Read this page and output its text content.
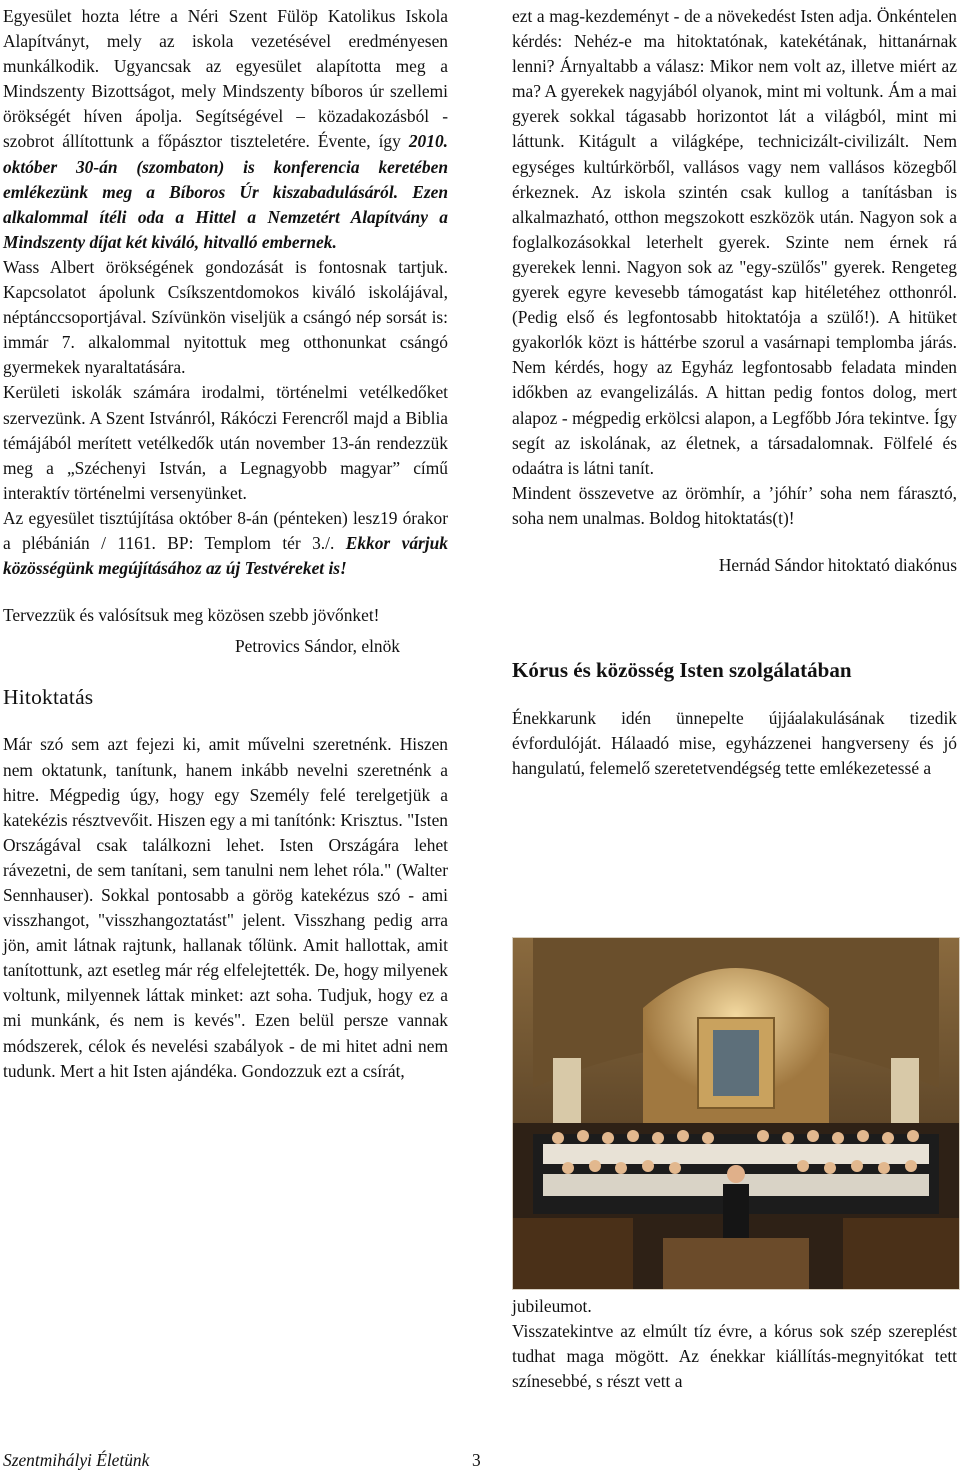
Egyesület hozta létre a Néri Szent Fülöp Katolikus Iskola Alapítványt, mely az iskola vezetésével eredményesen munkálkodik. Ugyancsak az egyesület alapította meg a Mindszenty Bizottságot, mely Mindszenty bíboros úr szellemi örökségét híven ápolja. Segítségével – közadakozásból - szobrot állítottunk a főpásztor tiszteletére. Évente, így 2010. október 30-án (szombaton) is konferencia keretében emlékezünk meg a Bíboros Úr kiszabadulásáról. Ezen alkalommal ítéli oda a Hittel a Nemzetért Alapítvány a Mindszenty díjat két kiváló, hitvalló embernek.

Wass Albert örökségének gondozását is fontosnak tartjuk. Kapcsolatot ápolunk Csíkszentdomokos kiváló iskolájával, néptánccsoportjával. Szívünkön viseljük a csángó nép sorsát is: immár 7. alkalommal nyitottuk meg otthonunkat csángó gyermekek nyaraltatására.

Kerületi iskolák számára irodalmi, történelmi vetélkedőket szervezünk. A Szent Istvánról, Rákóczi Ferencről majd a Biblia témájából merített vetélkedők után november 13-án rendezzük meg a „Széchenyi István, a Legnagyobb magyar” című interaktív történelmi versenyünket.

Az egyesület tisztújítása október 8-án (pénteken) lesz19 órakor a plébánián / 1161. BP: Templom tér 3./. Ekkor várjuk közösségünk megújításához az új Testvéreket is!

Tervezzük és valósítsuk meg közösen szebb jövőnket!

Petrovics Sándor, elnök

Hitoktatás

Már szó sem azt fejezi ki, amit művelni szeretnénk. Hiszen nem oktatunk, tanítunk, hanem inkább nevelni szeretnénk a hitre. Mégpedig úgy, hogy egy Személy felé terelgetjük a katekézis résztvevőit. Hiszen egy a mi tanítónk: Krisztus. "Isten Országával csak találkozni lehet. Isten Országára lehet rávezetni, de sem tanítani, sem tanulni nem lehet róla." (Walter Sennhauser). Sokkal pontosabb a görög katekézus szó - ami visszhangot, "visszhangoztatást" jelent. Visszhang pedig arra jön, amit látnak rajtunk, hallanak tőlünk. Amit hallottak, amit tanítottunk, azt esetleg már rég elfelejtették. De, hogy milyenek voltunk, milyennek láttak minket: azt soha. Tudjuk, hogy ez a mi munkánk, és nem is kevés". Ezen belül persze vannak módszerek, célok és nevelési szabályok - de mi hitet adni nem tudunk. Mert a hit Isten ajándéka. Gondozzuk ezt a csírát,

ezt a mag-kezdeményt - de a növekedést Isten adja. Önkéntelen kérdés: Nehéz-e ma hitoktatónak, katekétának, hittanárnak lenni? Árnyaltabb a válasz: Mikor nem volt az, illetve miért az ma? A gyerekek nagyjából olyanok, mint mi voltunk. Ám a mai gyerek sokkal tágasabb horizontot lát a világból, mint mi láttunk. Kitágult a világképe, technicizált-civilizált. Nem egységes kultúrkörből, vallásos vagy nem vallásos közegből érkeznek. Az iskola szintén csak kullog a tanításban is alkalmazható, otthon megszokott eszközök után. Nagyon sok a foglalkozásokkal leterhelt gyerek. Szinte nem érnek rá gyerekek lenni. Nagyon sok az "egy-szülős" gyerek. Rengeteg gyerek egyre kevesebb támogatást kap hitéletéhez otthonról. (Pedig első és legfontosabb hitoktatója a szülő!). A hitüket gyakorlók közt is háttérbe szorul a vasárnapi templomba járás. Nem kérdés, hogy az Egyház legfontosabb feladata minden időkben az evangelizálás. A hittan pedig fontos dolog, mert alapoz - mégpedig erkölcsi alapon, a Legfőbb Jóra tekintve. Így segít az iskolának, az életnek, a társadalomnak. Fölfelé és odaátra is látni tanít.

Mindent összevetve az örömhír, a ’jóhír’ soha nem fárasztó, soha nem unalmas. Boldog hitoktatás(t)!

Hernád Sándor hitoktató diakónus

Kórus és közösség Isten szolgálatában

Énekkarunk idén ünnepelte újjáalakulásának tizedik évfordulóját. Hálaadó mise, egyházzenei hangverseny és jó hangulatú, felemelő szeretetvendégség tette emlékezetessé a

jubileumot.

Visszatekintve az elmúlt tíz évre, a kórus sok szép szereplést tudhat maga mögött. Az énekkar kiállítás-megnyitókat tett színesebbé, s részt vett a

Szentmihályi Életünk	3
